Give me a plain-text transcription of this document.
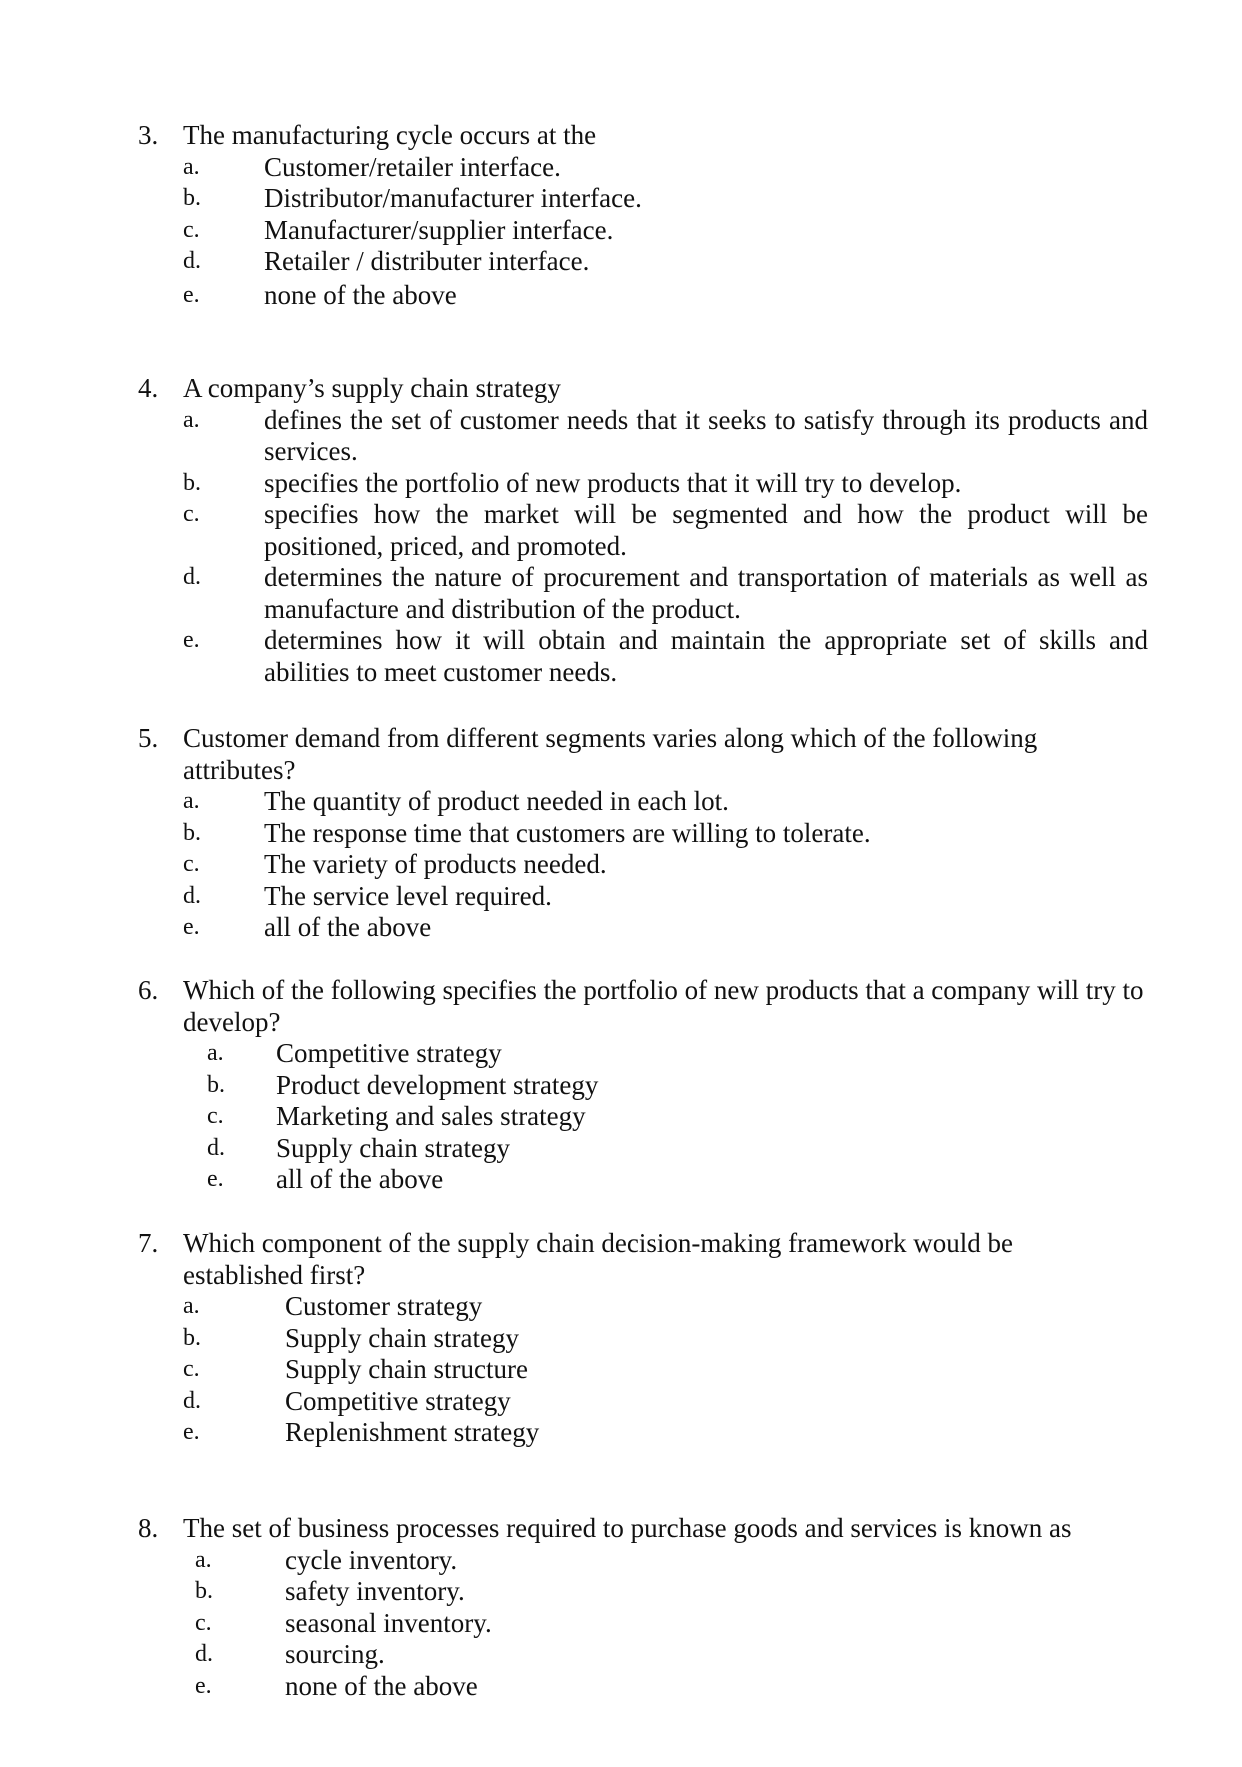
3. The manufacturing cycle occurs at the
a. Customer/retailer interface.
b. Distributor/manufacturer interface.
c. Manufacturer/supplier interface.
d. Retailer / distributer interface.
e. none of the above
4. A company’s supply chain strategy
a. defines the set of customer needs that it seeks to satisfy through its products and services.
b. specifies the portfolio of new products that it will try to develop.
c. specifies how the market will be segmented and how the product will be positioned, priced, and promoted.
d. determines the nature of procurement and transportation of materials as well as manufacture and distribution of the product.
e. determines how it will obtain and maintain the appropriate set of skills and abilities to meet customer needs.
5. Customer demand from different segments varies along which of the following attributes?
a. The quantity of product needed in each lot.
b. The response time that customers are willing to tolerate.
c. The variety of products needed.
d. The service level required.
e. all of the above
6. Which of the following specifies the portfolio of new products that a company will try to develop?
a. Competitive strategy
b. Product development strategy
c. Marketing and sales strategy
d. Supply chain strategy
e. all of the above
7. Which component of the supply chain decision-making framework would be established first?
a.	Customer strategy
b.	Supply chain strategy
c.	Supply chain structure
d.	Competitive strategy
e.	Replenishment strategy
8. The set of business processes required to purchase goods and services is known as
a.	cycle inventory.
b.	safety inventory.
c.	seasonal inventory.
d.	sourcing.
e.	none of the above
